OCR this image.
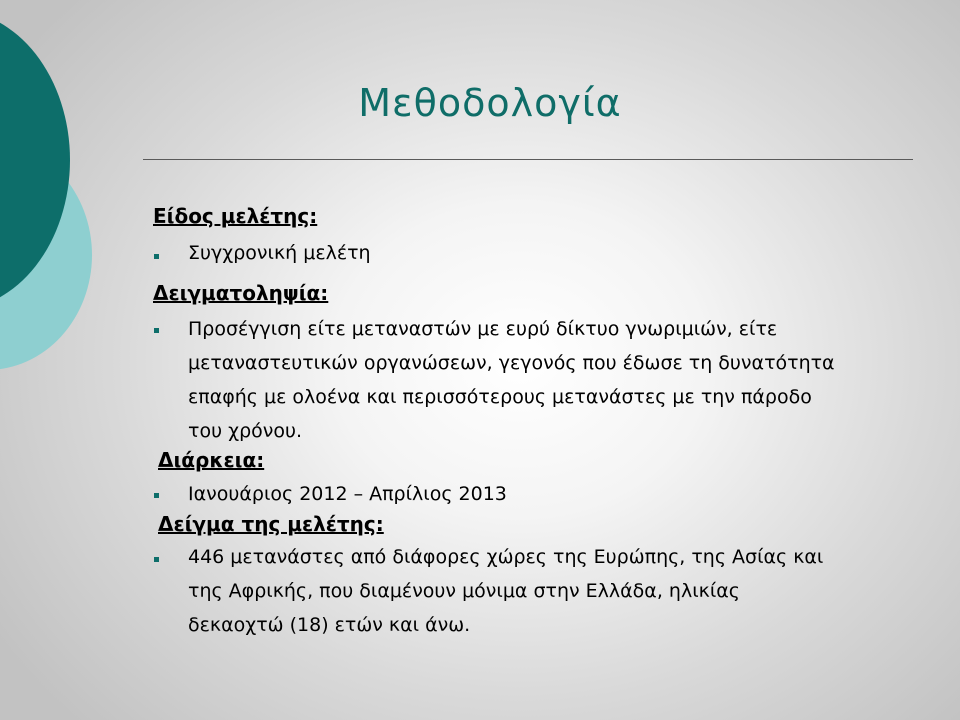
Μεθοδολογία
Είδος μελέτης:
Συγχρονική μελέτη
Δειγματοληψία:
Προσέγγιση είτε μεταναστών με ευρύ δίκτυο γνωριμιών, είτε
μεταναστευτικών οργανώσεων, γεγονός που έδωσε τη δυνατότητα
επαφής με ολοένα και περισσότερους μετανάστες με την πάροδο
του χρόνου.
Διάρκεια:
Ιανουάριος 2012 – Απρίλιος 2013
Δείγμα της μελέτης:
446 μετανάστες από διάφορες χώρες της Ευρώπης, της Ασίας και
της Αφρικής, που διαμένουν μόνιμα στην Ελλάδα, ηλικίας
δεκαοχτώ (18) ετών και άνω.
